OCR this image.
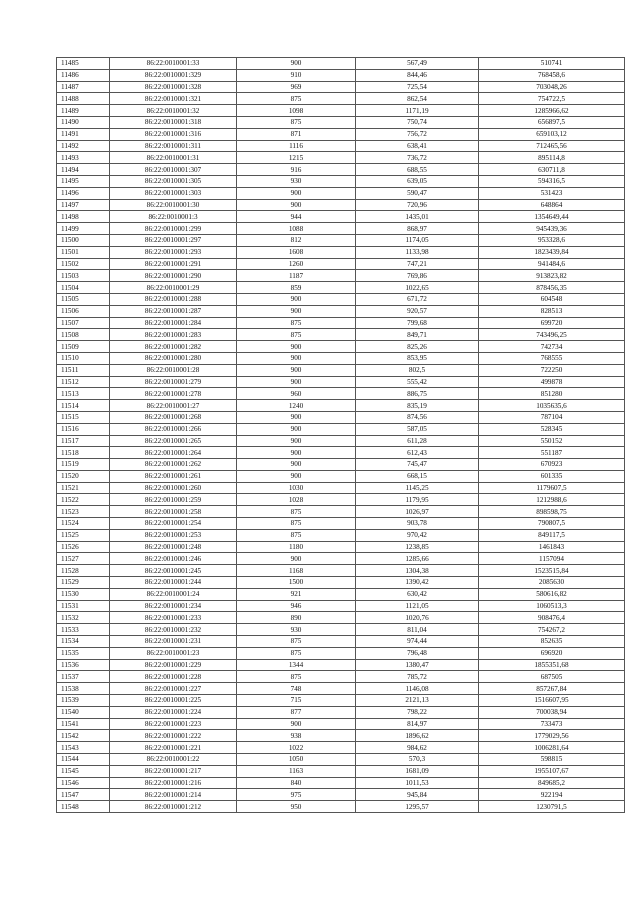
11485	86:22:0010001:33	900	567,49	510741
11486	86:22:0010001:329	910	844,46	768458,6
11487	86:22:0010001:328	969	725,54	703048,26
11488	86:22:0010001:321	875	862,54	754722,5
11489	86:22:0010001:32	1098	1171,19	1285966,62
11490	86:22:0010001:318	875	750,74	656897,5
11491	86:22:0010001:316	871	756,72	659103,12
11492	86:22:0010001:311	1116	638,41	712465,56
11493	86:22:0010001:31	1215	736,72	895114,8
11494	86:22:0010001:307	916	688,55	630711,8
11495	86:22:0010001:305	930	639,05	594316,5
11496	86:22:0010001:303	900	590,47	531423
11497	86:22:0010001:30	900	720,96	648864
11498	86:22:0010001:3	944	1435,01	1354649,44
11499	86:22:0010001:299	1088	868,97	945439,36
11500	86:22:0010001:297	812	1174,05	953328,6
11501	86:22:0010001:293	1608	1133,98	1823439,84
11502	86:22:0010001:291	1260	747,21	941484,6
11503	86:22:0010001:290	1187	769,86	913823,82
11504	86:22:0010001:29	859	1022,65	878456,35
11505	86:22:0010001:288	900	671,72	604548
11506	86:22:0010001:287	900	920,57	828513
11507	86:22:0010001:284	875	799,68	699720
11508	86:22:0010001:283	875	849,71	743496,25
11509	86:22:0010001:282	900	825,26	742734
11510	86:22:0010001:280	900	853,95	768555
11511	86:22:0010001:28	900	802,5	722250
11512	86:22:0010001:279	900	555,42	499878
11513	86:22:0010001:278	960	886,75	851280
11514	86:22:0010001:27	1240	835,19	1035635,6
11515	86:22:0010001:268	900	874,56	787104
11516	86:22:0010001:266	900	587,05	528345
11517	86:22:0010001:265	900	611,28	550152
11518	86:22:0010001:264	900	612,43	551187
11519	86:22:0010001:262	900	745,47	670923
11520	86:22:0010001:261	900	668,15	601335
11521	86:22:0010001:260	1030	1145,25	1179607,5
11522	86:22:0010001:259	1028	1179,95	1212988,6
11523	86:22:0010001:258	875	1026,97	898598,75
11524	86:22:0010001:254	875	903,78	790807,5
11525	86:22:0010001:253	875	970,42	849117,5
11526	86:22:0010001:248	1180	1238,85	1461843
11527	86:22:0010001:246	900	1285,66	1157094
11528	86:22:0010001:245	1168	1304,38	1523515,84
11529	86:22:0010001:244	1500	1390,42	2085630
11530	86:22:0010001:24	921	630,42	580616,82
11531	86:22:0010001:234	946	1121,05	1060513,3
11532	86:22:0010001:233	890	1020,76	908476,4
11533	86:22:0010001:232	930	811,04	754267,2
11534	86:22:0010001:231	875	974,44	852635
11535	86:22:0010001:23	875	796,48	696920
11536	86:22:0010001:229	1344	1380,47	1855351,68
11537	86:22:0010001:228	875	785,72	687505
11538	86:22:0010001:227	748	1146,08	857267,84
11539	86:22:0010001:225	715	2121,13	1516607,95
11540	86:22:0010001:224	877	798,22	700038,94
11541	86:22:0010001:223	900	814,97	733473
11542	86:22:0010001:222	938	1896,62	1779029,56
11543	86:22:0010001:221	1022	984,62	1006281,64
11544	86:22:0010001:22	1050	570,3	598815
11545	86:22:0010001:217	1163	1681,09	1955107,67
11546	86:22:0010001:216	840	1011,53	849685,2
11547	86:22:0010001:214	975	945,84	922194
11548	86:22:0010001:212	950	1295,57	1230791,5
